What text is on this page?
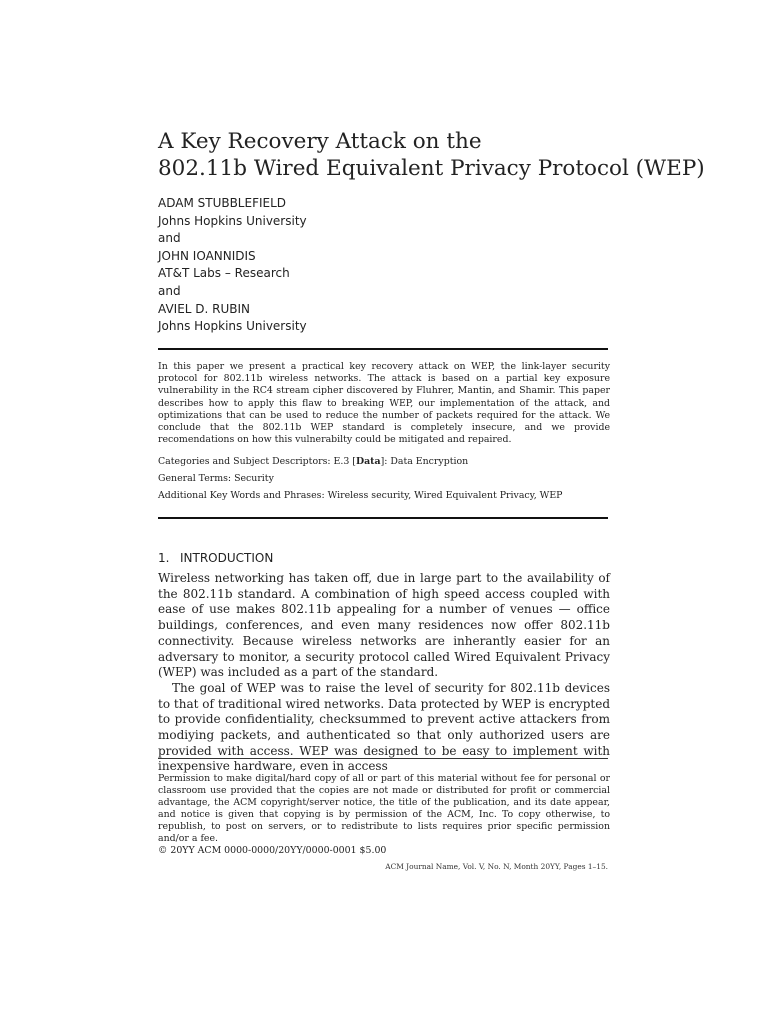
A Key Recovery Attack on the
802.11b Wired Equivalent Privacy Protocol (WEP)
ADAM STUBBLEFIELD
Johns Hopkins University
and
JOHN IOANNIDIS
AT&T Labs – Research
and
AVIEL D. RUBIN
Johns Hopkins University
In this paper we present a practical key recovery attack on WEP, the link-layer security protocol for 802.11b wireless networks. The attack is based on a partial key exposure vulnerability in the RC4 stream cipher discovered by Fluhrer, Mantin, and Shamir. This paper describes how to apply this flaw to breaking WEP, our implementation of the attack, and optimizations that can be used to reduce the number of packets required for the attack. We conclude that the 802.11b WEP standard is completely insecure, and we provide recomendations on how this vulnerabilty could be mitigated and repaired.
Categories and Subject Descriptors: E.3 [Data]: Data Encryption
General Terms: Security
Additional Key Words and Phrases: Wireless security, Wired Equivalent Privacy, WEP
1. INTRODUCTION

Wireless networking has taken off, due in large part to the availability of the 802.11b standard. A combination of high speed access coupled with ease of use makes 802.11b appealing for a number of venues — office buildings, conferences, and even many residences now offer 802.11b connectivity. Because wireless networks are inherantly easier for an adversary to monitor, a security protocol called Wired Equivalent Privacy (WEP) was included as a part of the standard.

The goal of WEP was to raise the level of security for 802.11b devices to that of traditional wired networks. Data protected by WEP is encrypted to provide confidentiality, checksummed to prevent active attackers from modiying packets, and authenticated so that only authorized users are provided with access. WEP was designed to be easy to implement with inexpensive hardware, even in access

Permission to make digital/hard copy of all or part of this material without fee for personal or classroom use provided that the copies are not made or distributed for profit or commercial advantage, the ACM copyright/server notice, the title of the publication, and its date appear, and notice is given that copying is by permission of the ACM, Inc. To copy otherwise, to republish, to post on servers, or to redistribute to lists requires prior specific permission and/or a fee.

© 20YY ACM 0000-0000/20YY/0000-0001 $5.00

ACM Journal Name, Vol. V, No. N, Month 20YY, Pages 1–15.
